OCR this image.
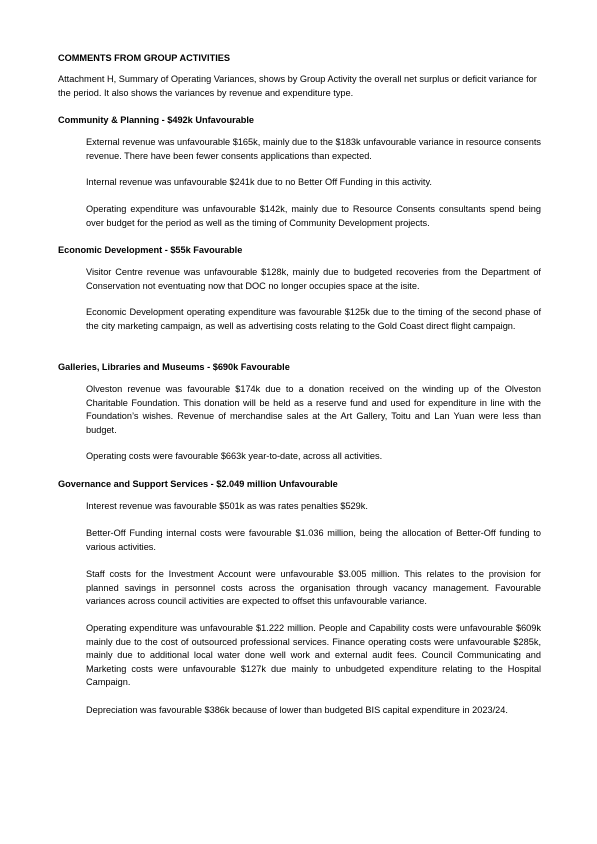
COMMENTS FROM GROUP ACTIVITIES
Attachment H, Summary of Operating Variances, shows by Group Activity the overall net surplus or deficit variance for the period. It also shows the variances by revenue and expenditure type.
Community & Planning - $492k Unfavourable
External revenue was unfavourable $165k, mainly due to the $183k unfavourable variance in resource consents revenue. There have been fewer consents applications than expected.
Internal revenue was unfavourable $241k due to no Better Off Funding in this activity.
Operating expenditure was unfavourable $142k, mainly due to Resource Consents consultants spend being over budget for the period as well as the timing of Community Development projects.
Economic Development - $55k Favourable
Visitor Centre revenue was unfavourable $128k, mainly due to budgeted recoveries from the Department of Conservation not eventuating now that DOC no longer occupies space at the isite.
Economic Development operating expenditure was favourable $125k due to the timing of the second phase of the city marketing campaign, as well as advertising costs relating to the Gold Coast direct flight campaign.
Galleries, Libraries and Museums - $690k Favourable
Olveston revenue was favourable $174k due to a donation received on the winding up of the Olveston Charitable Foundation. This donation will be held as a reserve fund and used for expenditure in line with the Foundation’s wishes. Revenue of merchandise sales at the Art Gallery, Toitu and Lan Yuan were less than budget.
Operating costs were favourable $663k year-to-date, across all activities.
Governance and Support Services - $2.049 million Unfavourable
Interest revenue was favourable $501k as was rates penalties $529k.
Better-Off Funding internal costs were favourable $1.036 million, being the allocation of Better-Off funding to various activities.
Staff costs for the Investment Account were unfavourable $3.005 million. This relates to the provision for planned savings in personnel costs across the organisation through vacancy management. Favourable variances across council activities are expected to offset this unfavourable variance.
Operating expenditure was unfavourable $1.222 million. People and Capability costs were unfavourable $609k mainly due to the cost of outsourced professional services. Finance operating costs were unfavourable $285k, mainly due to additional local water done well work and external audit fees. Council Communicating and Marketing costs were unfavourable $127k due mainly to unbudgeted expenditure relating to the Hospital Campaign.
Depreciation was favourable $386k because of lower than budgeted BIS capital expenditure in 2023/24.
